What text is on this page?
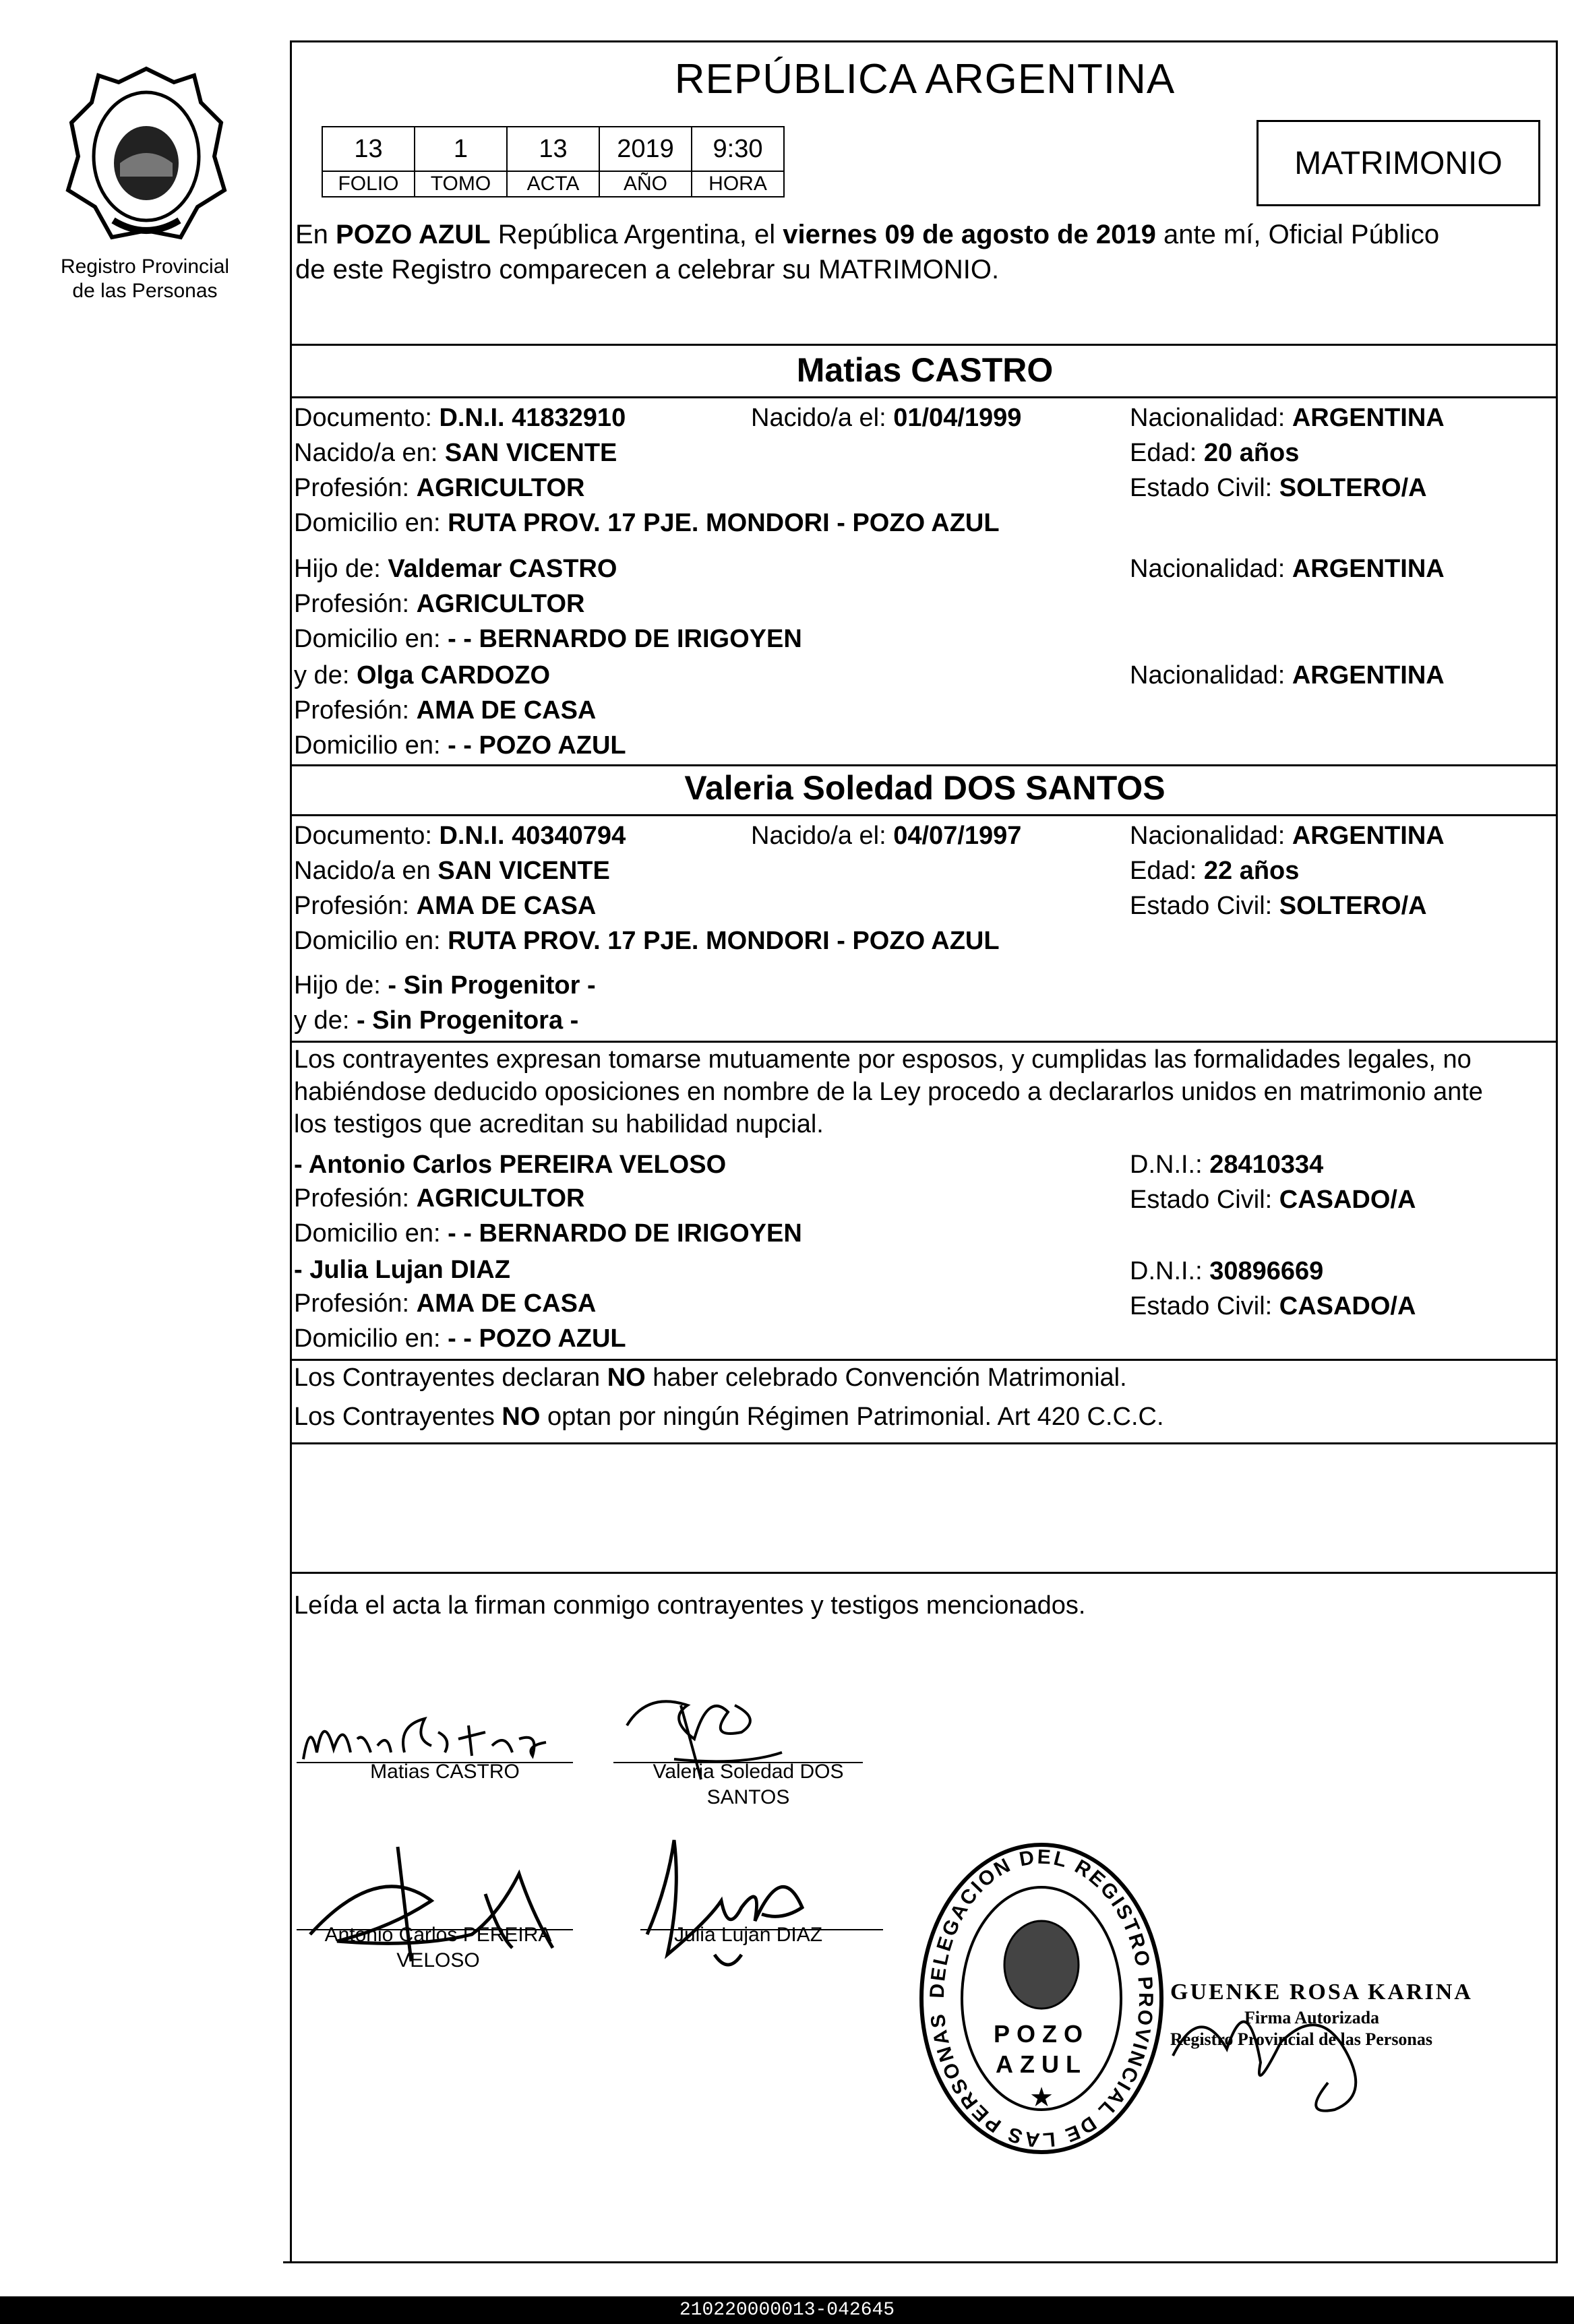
Registro Provincial
de las Personas
REPÚBLICA ARGENTINA
13	1	13	2019	9:30
FOLIO	TOMO	ACTA	AÑO	HORA
MATRIMONIO
En POZO AZUL República Argentina, el viernes 09 de agosto de 2019 ante mí, Oficial Público
de este Registro comparecen a celebrar su MATRIMONIO.
Matias CASTRO
Documento: D.N.I. 41832910	Nacido/a el: 01/04/1999	Nacionalidad: ARGENTINA
Nacido/a en: SAN VICENTE	Edad: 20 años
Profesión: AGRICULTOR	Estado Civil: SOLTERO/A
Domicilio en: RUTA PROV. 17 PJE. MONDORI - POZO AZUL
Hijo de: Valdemar CASTRO	Nacionalidad: ARGENTINA
Profesión: AGRICULTOR
Domicilio en: - - BERNARDO DE IRIGOYEN
y de: Olga CARDOZO	Nacionalidad: ARGENTINA
Profesión: AMA DE CASA
Domicilio en: - - POZO AZUL
Valeria Soledad DOS SANTOS
Documento: D.N.I. 40340794	Nacido/a el: 04/07/1997	Nacionalidad: ARGENTINA
Nacido/a en SAN VICENTE	Edad: 22 años
Profesión: AMA DE CASA	Estado Civil: SOLTERO/A
Domicilio en: RUTA PROV. 17 PJE. MONDORI - POZO AZUL
Hijo de: - Sin Progenitor -
y de: - Sin Progenitora -
Los contrayentes expresan tomarse mutuamente por esposos, y cumplidas las formalidades legales, no
habiéndose deducido oposiciones en nombre de la Ley procedo a declararlos unidos en matrimonio ante
los testigos que acreditan su habilidad nupcial.
- Antonio Carlos PEREIRA VELOSO	D.N.I.: 28410334
Profesión: AGRICULTOR	Estado Civil: CASADO/A
Domicilio en: - - BERNARDO DE IRIGOYEN
- Julia Lujan DIAZ	D.N.I.: 30896669
Profesión: AMA DE CASA	Estado Civil: CASADO/A
Domicilio en: - - POZO AZUL
Los Contrayentes declaran NO haber celebrado Convención Matrimonial.
Los Contrayentes NO optan por ningún Régimen Patrimonial. Art 420 C.C.C.
Leída el acta la firman conmigo contrayentes y testigos mencionados.
Matias CASTRO	Valeria Soledad DOS
SANTOS
Antonio Carlos PEREIRA
VELOSO
Julia Lujan DIAZ
DELEGACION DEL REGISTRO PROVINCIAL DE LAS PERSONAS	POZO
AZUL
★
GUENKE ROSA KARINA
Firma Autorizada
Registro Provincial de las Personas
210220000013-042645
